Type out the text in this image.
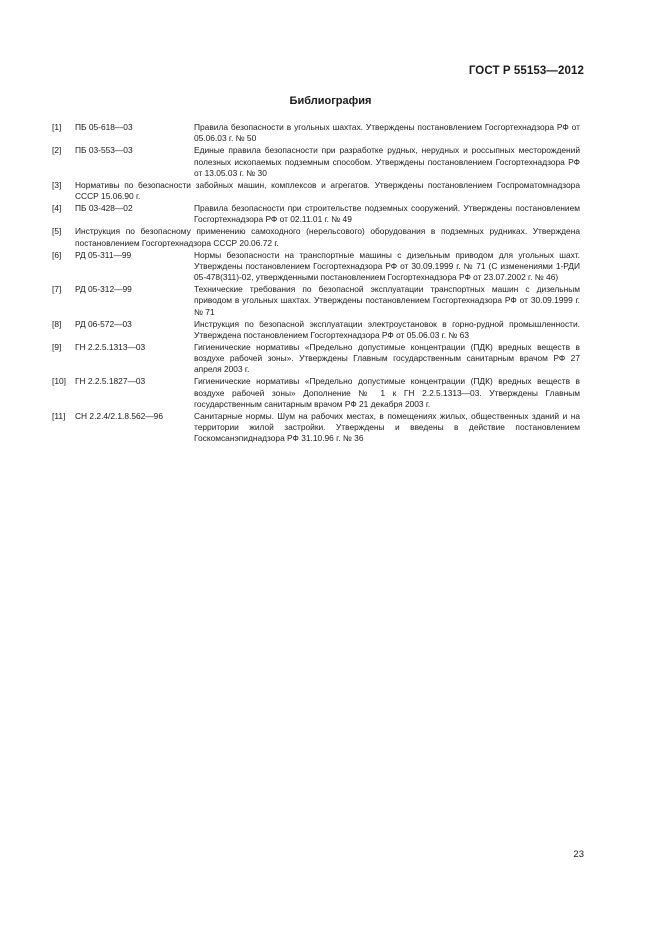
ГОСТ Р 55153—2012
Библиография
[1] ПБ 05-618—03	Правила безопасности в угольных шахтах. Утверждены постановлением Госгортехнадзора РФ от 05.06.03 г. № 50
[2] ПБ 03-553—03	Единые правила безопасности при разработке рудных, нерудных и россыпных месторождений полезных ископаемых подземным способом. Утверждены постановлением Госгортехнадзора РФ от 13.05.03 г. № 30
[3] Нормативы по безопасности забойных машин, комплексов и агрегатов. Утверждены постановлением Госпроматомнадзора СССР 15.06.90 г.
[4] ПБ 03-428—02	Правила безопасности при строительстве подземных сооружений. Утверждены постановлением Госгортехнадзора РФ от 02.11.01 г. № 49
[5] Инструкция по безопасному применению самоходного (нерельсового) оборудования в подземных рудниках. Утверждена постановлением Госгортехнадзора СССР 20.06.72 г.
[6] РД 05-311—99	Нормы безопасности на транспортные машины с дизельным приводом для угольных шахт. Утверждены постановлением Госгортехнадзора РФ от 30.09.1999 г. № 71 (С изменениями 1-РДИ 05-478(311)-02, утвержденными постановлением Госгортехнадзора РФ от 23.07.2002 г. № 46)
[7] РД 05-312—99	Технические требования по безопасной эксплуатации транспортных машин с дизельным приводом в угольных шахтах. Утверждены постановлением Госгортехнадзора РФ от 30.09.1999 г. № 71
[8] РД 06-572—03	Инструкция по безопасной эксплуатации электроустановок в горно-рудной промышленности. Утверждена постановлением Госгортехнадзора РФ от 05.06.03 г. № 63
[9] ГН 2.2.5.1313—03	Гигиенические нормативы «Предельно допустимые концентрации (ПДК) вредных веществ в воздухе рабочей зоны». Утверждены Главным государственным санитарным врачом РФ 27 апреля 2003 г.
[10] ГН 2.2.5.1827—03	Гигиенические нормативы «Предельно допустимые концентрации (ПДК) вредных веществ в воздухе рабочей зоны» Дополнение № 1 к ГН 2.2.5.1313—03. Утверждены Главным государственным санитарным врачом РФ 21 декабря 2003 г.
[11] СН 2.2.4/2.1.8.562—96	Санитарные нормы. Шум на рабочих местах, в помещениях жилых, общественных зданий и на территории жилой застройки. Утверждены и введены в действие постановлением Госкомсанэпиднадзора РФ 31.10.96 г. № 36
23
